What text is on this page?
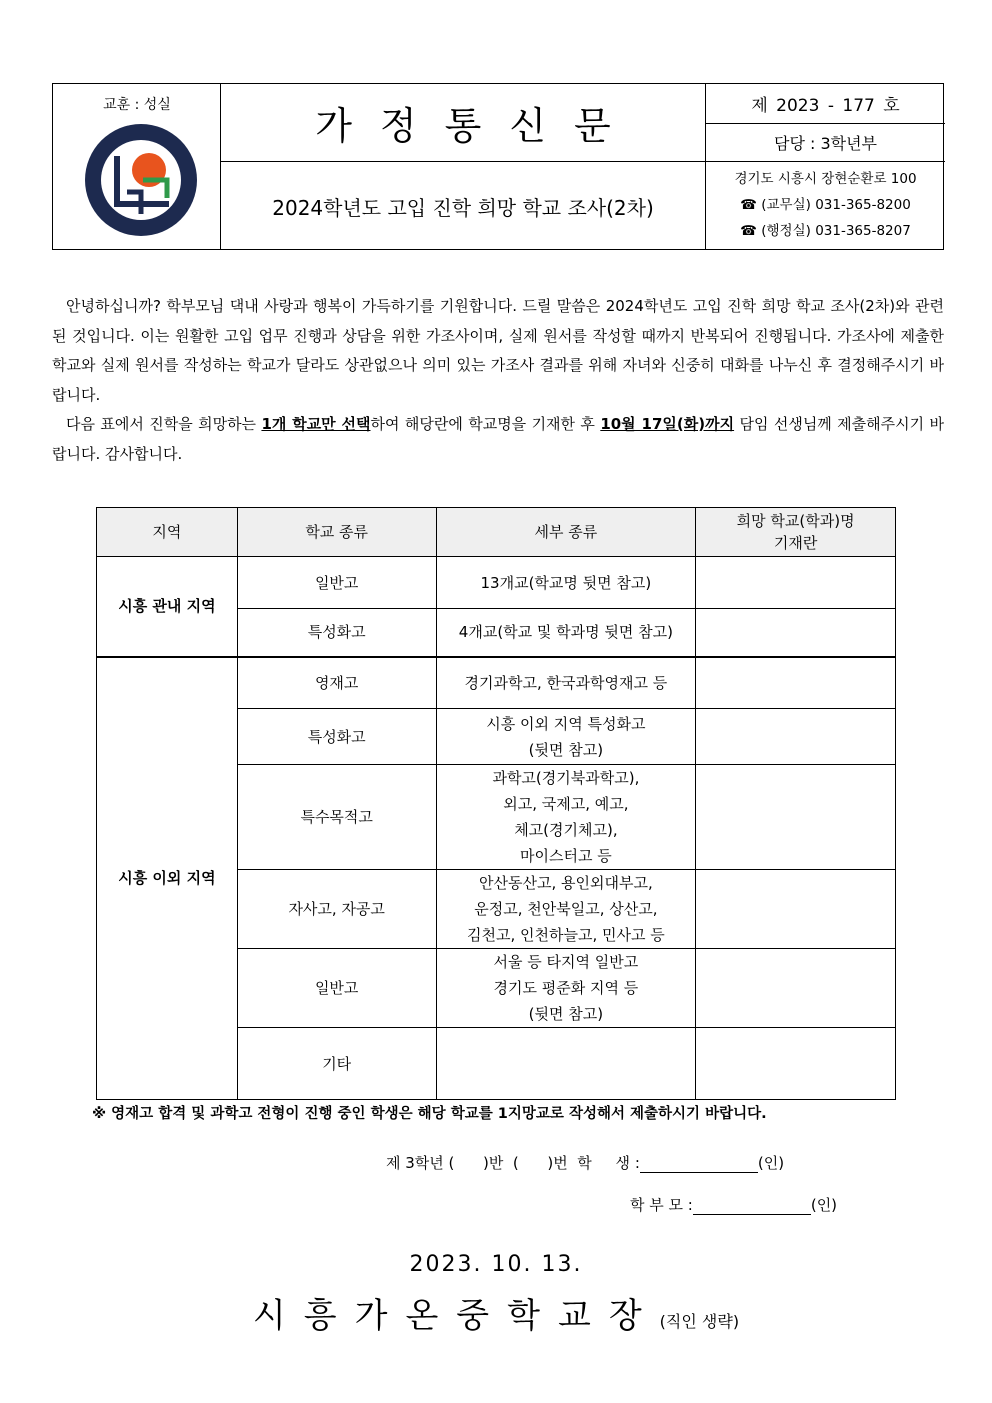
교훈 : 성실	가정통신문
2024학년도 고입 진학 희망 학교 조사(2차)
제 2023 - 177 호
담당 : 3학년부
경기도 시흥시 장현순환로 100
☎ (교무실) 031-365-8200
☎ (행정실) 031-365-8207

안녕하십니까? 학부모님 댁내 사랑과 행복이 가득하기를 기원합니다. 드릴 말씀은 2024학년도 고입 진학 희망 학교 조사(2차)와 관련된 것입니다. 이는 원활한 고입 업무 진행과 상담을 위한 가조사이며, 실제 원서를 작성할 때까지 반복되어 진행됩니다. 가조사에 제출한 학교와 실제 원서를 작성하는 학교가 달라도 상관없으나 의미 있는 가조사 결과를 위해 자녀와 신중히 대화를 나누신 후 결정해주시기 바랍니다.

다음 표에서 진학을 희망하는 1개 학교만 선택하여 해당란에 학교명을 기재한 후 10월 17일(화)까지 담임 선생님께 제출해주시기 바랍니다. 감사합니다.

지역	학교 종류	세부 종류	희망 학교(학과)명
기재란
시흥 관내 지역	일반고	13개교(학교명 뒷면 참고)	
	특성화고	4개교(학교 및 학과명 뒷면 참고)	
시흥 이외 지역	영재고	경기과학고, 한국과학영재고 등	
	특성화고	시흥 이외 지역 특성화고
(뒷면 참고)	
	특수목적고	과학고(경기북과학고),
외고, 국제고, 예고,
체고(경기체고),
마이스터고 등	
	자사고, 자공고	안산동산고, 용인외대부고,
운정고, 천안북일고, 상산고,
김천고, 인천하늘고, 민사고 등	
	일반고	서울 등 타지역 일반고
경기도 평준화 지역 등
(뒷면 참고)	
	기타		
※ 영재고 합격 및 과학고 전형이 진행 중인 학생은 해당 학교를 1지망교로 작성해서 제출하시기 바랍니다.
제 3학년 (      )반  (      )번  학     생 :	(인)
학 부 모 :	(인)
2023. 10. 13.
시흥가온중학교장(직인 생략)
